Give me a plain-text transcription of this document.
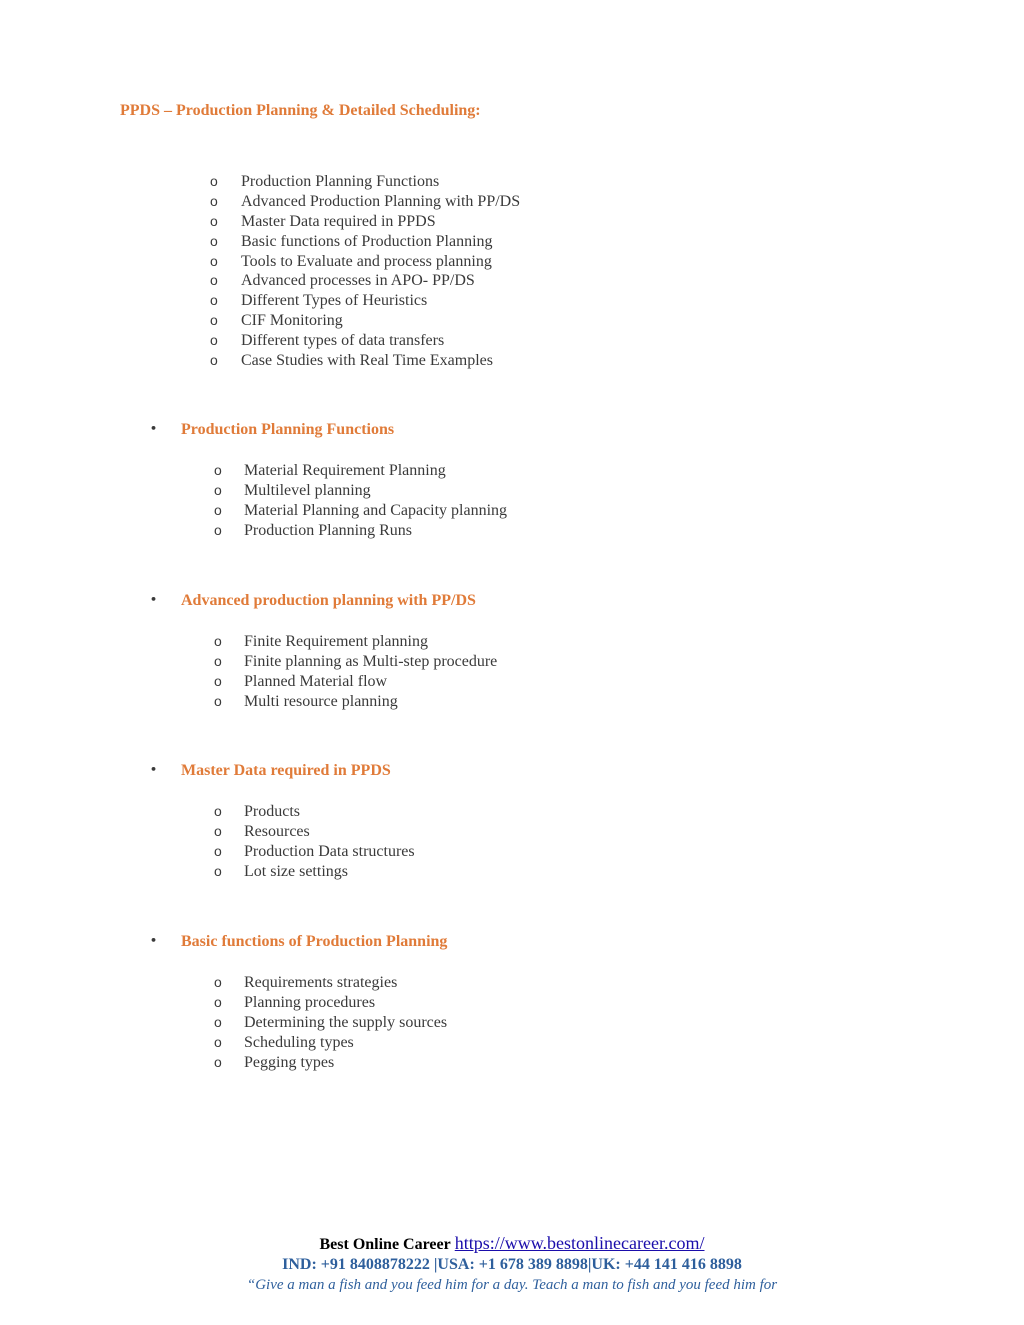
PPDS – Production Planning & Detailed Scheduling:
o Production Planning Functions
o Advanced Production Planning with PP/DS
o Master Data required in PPDS
o Basic functions of Production Planning
o Tools to Evaluate and process planning
o Advanced processes in APO- PP/DS
o Different Types of Heuristics
o CIF Monitoring
o Different types of data transfers
o Case Studies with Real Time Examples
• Production Planning Functions
o Material Requirement Planning
o Multilevel planning
o Material Planning and Capacity planning
o Production Planning Runs
• Advanced production planning with PP/DS
o Finite Requirement planning
o Finite planning as Multi-step procedure
o Planned Material flow
o Multi resource planning
• Master Data required in PPDS
o Products
o Resources
o Production Data structures
o Lot size settings
• Basic functions of Production Planning
o Requirements strategies
o Planning procedures
o Determining the supply sources
o Scheduling types
o Pegging types
Best Online Career https://www.bestonlinecareer.com/
IND: +91 8408878222 |USA: +1 678 389 8898|UK: +44 141 416 8898
“Give a man a fish and you feed him for a day. Teach a man to fish and you feed him for
